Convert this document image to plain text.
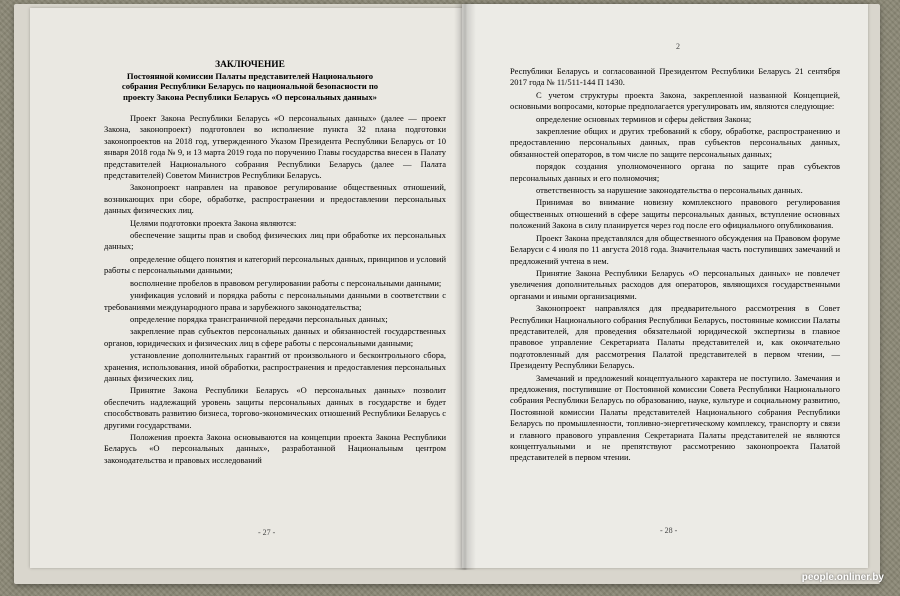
ЗАКЛЮЧЕНИЕ
Постоянной комиссии Палаты представителей Национального
собрания Республики Беларусь по национальной безопасности по
проекту Закона Республики Беларусь «О персональных данных»

Проект Закона Республики Беларусь «О персональных данных» (далее — проект Закона, законопроект) подготовлен во исполнение пункта 32 плана подготовки законопроектов на 2018 год, утвержденного Указом Президента Республики Беларусь от 10 января 2018 года № 9, и 13 марта 2019 года по поручению Главы государства внесен в Палату представителей Национального собрания Республики Беларусь (далее — Палата представителей) Советом Министров Республики Беларусь.

Законопроект направлен на правовое регулирование общественных отношений, возникающих при сборе, обработке, распространении и предоставлении персональных данных физических лиц.

Целями подготовки проекта Закона являются:

обеспечение защиты прав и свобод физических лиц при обработке их персональных данных;

определение общего понятия и категорий персональных данных, принципов и условий работы с персональными данными;

восполнение пробелов в правовом регулировании работы с персональными данными;

унификация условий и порядка работы с персональными данными в соответствии с требованиями международного права и зарубежного законодательства;

определение порядка трансграничной передачи персональных данных;

закрепление прав субъектов персональных данных и обязанностей государственных органов, юридических и физических лиц в сфере работы с персональными данными;

установление дополнительных гарантий от произвольного и бесконтрольного сбора, хранения, использования, иной обработки, распространения и предоставления персональных данных физических лиц.

Принятие Закона Республики Беларусь «О персональных данных» позволит обеспечить надлежащий уровень защиты персональных данных в государстве и будет способствовать развитию бизнеса, торгово-экономических отношений Республики Беларусь с другими государствами.

Положения проекта Закона основываются на концепции проекта Закона Республики Беларусь «О персональных данных», разработанной Национальным центром законодательства и правовых исследований

- 27 -
2

Республики Беларусь и согласованной Президентом Республики Беларусь 21 сентября 2017 года № 11/511-144 П 1430.

С учетом структуры проекта Закона, закрепленной названной Концепцией, основными вопросами, которые предполагается урегулировать им, являются следующие:

определение основных терминов и сферы действия Закона;

закрепление общих и других требований к сбору, обработке, распространению и предоставлению персональных данных, прав субъектов персональных данных, обязанностей операторов, в том числе по защите персональных данных;

порядок создания уполномоченного органа по защите прав субъектов персональных данных и его полномочия;

ответственность за нарушение законодательства о персональных данных.

Принимая во внимание новизну комплексного правового регулирования общественных отношений в сфере защиты персональных данных, вступление основных положений Закона в силу планируется через год после его официального опубликования.

Проект Закона представлялся для общественного обсуждения на Правовом форуме Беларуси с 4 июля по 11 августа 2018 года. Значительная часть поступивших замечаний и предложений учтена в нем.

Принятие Закона Республики Беларусь «О персональных данных» не повлечет увеличения дополнительных расходов для операторов, являющихся государственными органами и иными организациями.

Законопроект направлялся для предварительного рассмотрения в Совет Республики Национального собрания Республики Беларусь, постоянные комиссии Палаты представителей, для проведения обязательной юридической экспертизы в главное правовое управление Секретариата Палаты представителей и, как окончательно подготовленный для рассмотрения Палатой представителей в первом чтении, — Президенту Республики Беларусь.

Замечаний и предложений концептуального характера не поступило. Замечания и предложения, поступившие от Постоянной комиссии Совета Республики Национального собрания Республики Беларусь по образованию, науке, культуре и социальному развитию, Постоянной комиссии Палаты представителей Национального собрания Республики Беларусь по промышленности, топливно-энергетическому комплексу, транспорту и связи и главного правового управления Секретариата Палаты представителей не являются концептуальными и не препятствуют рассмотрению законопроекта Палатой представителей в первом чтении.

- 28 -
people.onliner.by
